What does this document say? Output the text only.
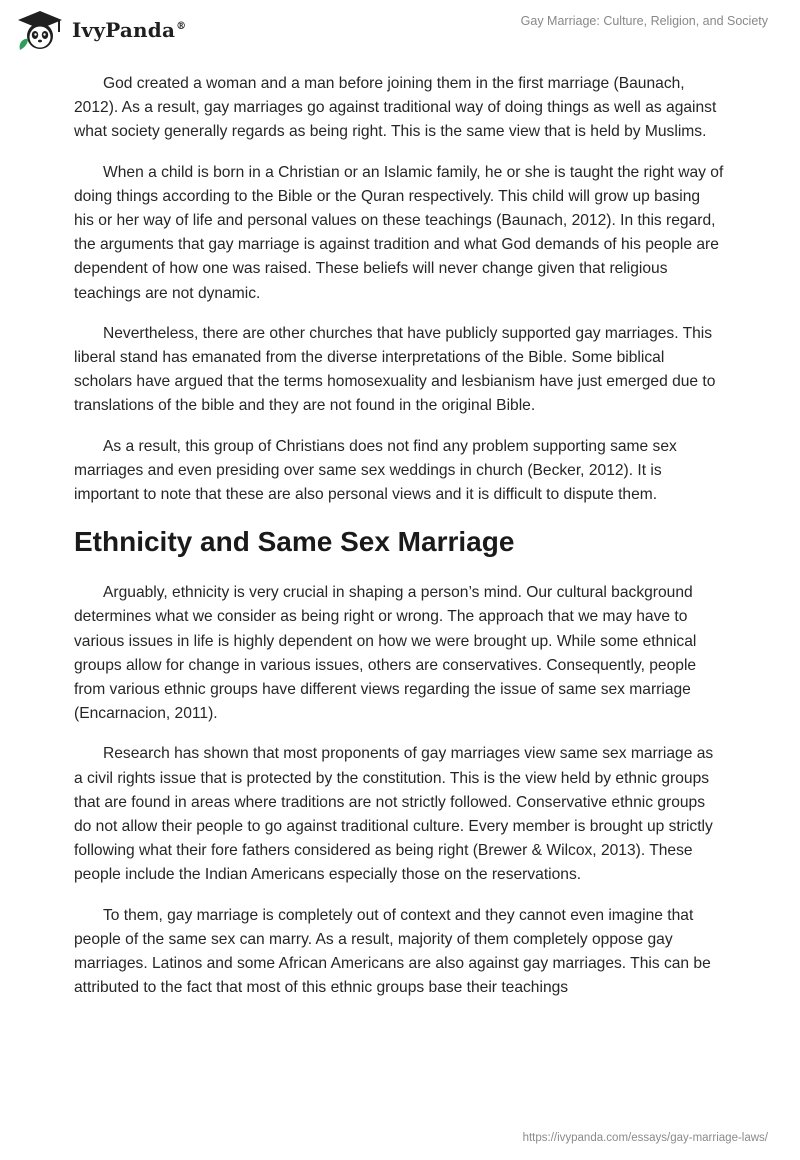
IvyPanda®	Gay Marriage: Culture, Religion, and Society

God created a woman and a man before joining them in the first marriage (Baunach, 2012). As a result, gay marriages go against traditional way of doing things as well as against what society generally regards as being right. This is the same view that is held by Muslims.

When a child is born in a Christian or an Islamic family, he or she is taught the right way of doing things according to the Bible or the Quran respectively. This child will grow up basing his or her way of life and personal values on these teachings (Baunach, 2012). In this regard, the arguments that gay marriage is against tradition and what God demands of his people are dependent of how one was raised. These beliefs will never change given that religious teachings are not dynamic.

Nevertheless, there are other churches that have publicly supported gay marriages. This liberal stand has emanated from the diverse interpretations of the Bible. Some biblical scholars have argued that the terms homosexuality and lesbianism have just emerged due to translations of the bible and they are not found in the original Bible.

As a result, this group of Christians does not find any problem supporting same sex marriages and even presiding over same sex weddings in church (Becker, 2012). It is important to note that these are also personal views and it is difficult to dispute them.

Ethnicity and Same Sex Marriage

Arguably, ethnicity is very crucial in shaping a person’s mind. Our cultural background determines what we consider as being right or wrong. The approach that we may have to various issues in life is highly dependent on how we were brought up. While some ethnical groups allow for change in various issues, others are conservatives. Consequently, people from various ethnic groups have different views regarding the issue of same sex marriage (Encarnacion, 2011).

Research has shown that most proponents of gay marriages view same sex marriage as a civil rights issue that is protected by the constitution. This is the view held by ethnic groups that are found in areas where traditions are not strictly followed. Conservative ethnic groups do not allow their people to go against traditional culture. Every member is brought up strictly following what their fore fathers considered as being right (Brewer & Wilcox, 2013). These people include the Indian Americans especially those on the reservations.

To them, gay marriage is completely out of context and they cannot even imagine that people of the same sex can marry. As a result, majority of them completely oppose gay marriages. Latinos and some African Americans are also against gay marriages. This can be attributed to the fact that most of this ethnic groups base their teachings

https://ivypanda.com/essays/gay-marriage-laws/
